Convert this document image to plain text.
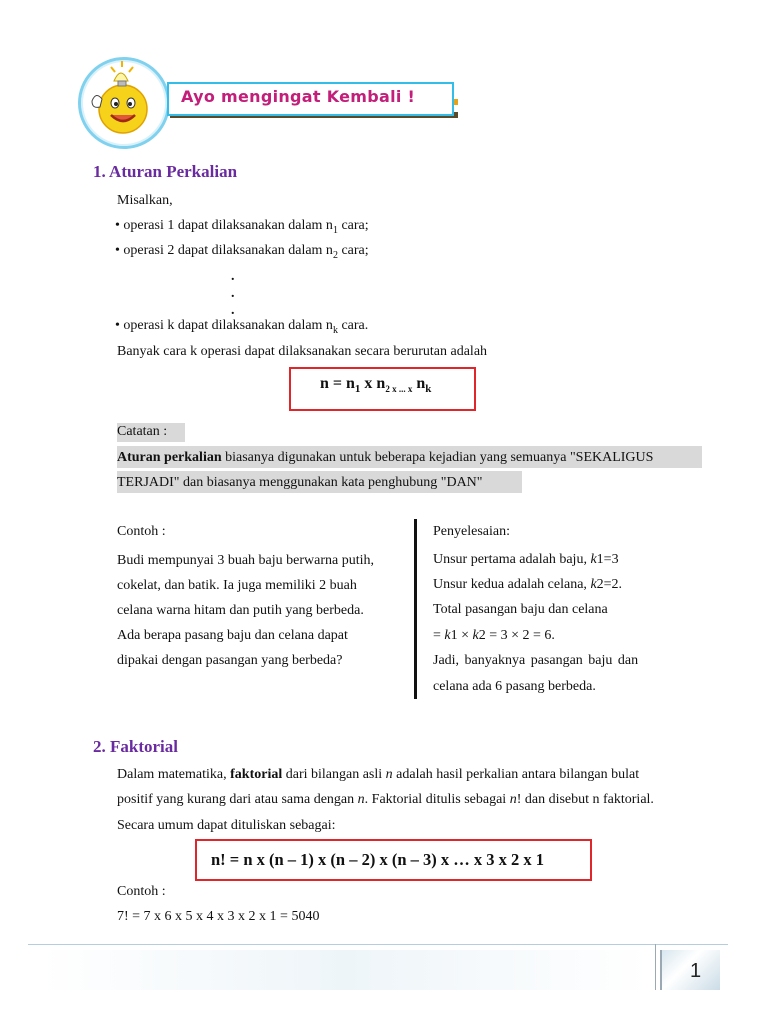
Ayo mengingat Kembali !
1. Aturan Perkalian
Misalkan,
• operasi 1 dapat dilaksanakan dalam $n_1$ cara;
• operasi 2 dapat dilaksanakan dalam $n_2$ cara;
.
.
.
• operasi k dapat dilaksanakan dalam $n_k$ cara.
Banyak cara k operasi dapat dilaksanakan secara berurutan adalah
$n = n_1$ x $n_{2 x ... x}$ $n_k$
Catatan :
Aturan perkalian biasanya digunakan untuk beberapa kejadian yang semuanya "SEKALIGUS
TERJADI" dan biasanya menggunakan kata penghubung "DAN"
Contoh :
Budi mempunyai 3 buah baju berwarna putih,
cokelat, dan batik. Ia juga memiliki 2 buah
celana warna hitam dan putih yang berbeda.
Ada berapa pasang baju dan celana dapat
dipakai dengan pasangan yang berbeda?
Penyelesaian:
Unsur pertama adalah baju, k1=3
Unsur kedua adalah celana, k2=2.
Total pasangan baju dan celana
= k1 × k2 = 3 × 2 = 6.
Jadi, banyaknya pasangan baju dan
celana ada 6 pasang berbeda.
2. Faktorial
Dalam matematika, faktorial dari bilangan asli n adalah hasil perkalian antara bilangan bulat
positif yang kurang dari atau sama dengan n. Faktorial ditulis sebagai n! dan disebut n faktorial.
Secara umum dapat dituliskan sebagai:
n! = n x (n – 1) x (n – 2) x (n – 3) x … x 3 x 2 x 1
Contoh :
7! = 7 x 6 x 5 x 4 x 3 x 2 x 1 = 5040
1
